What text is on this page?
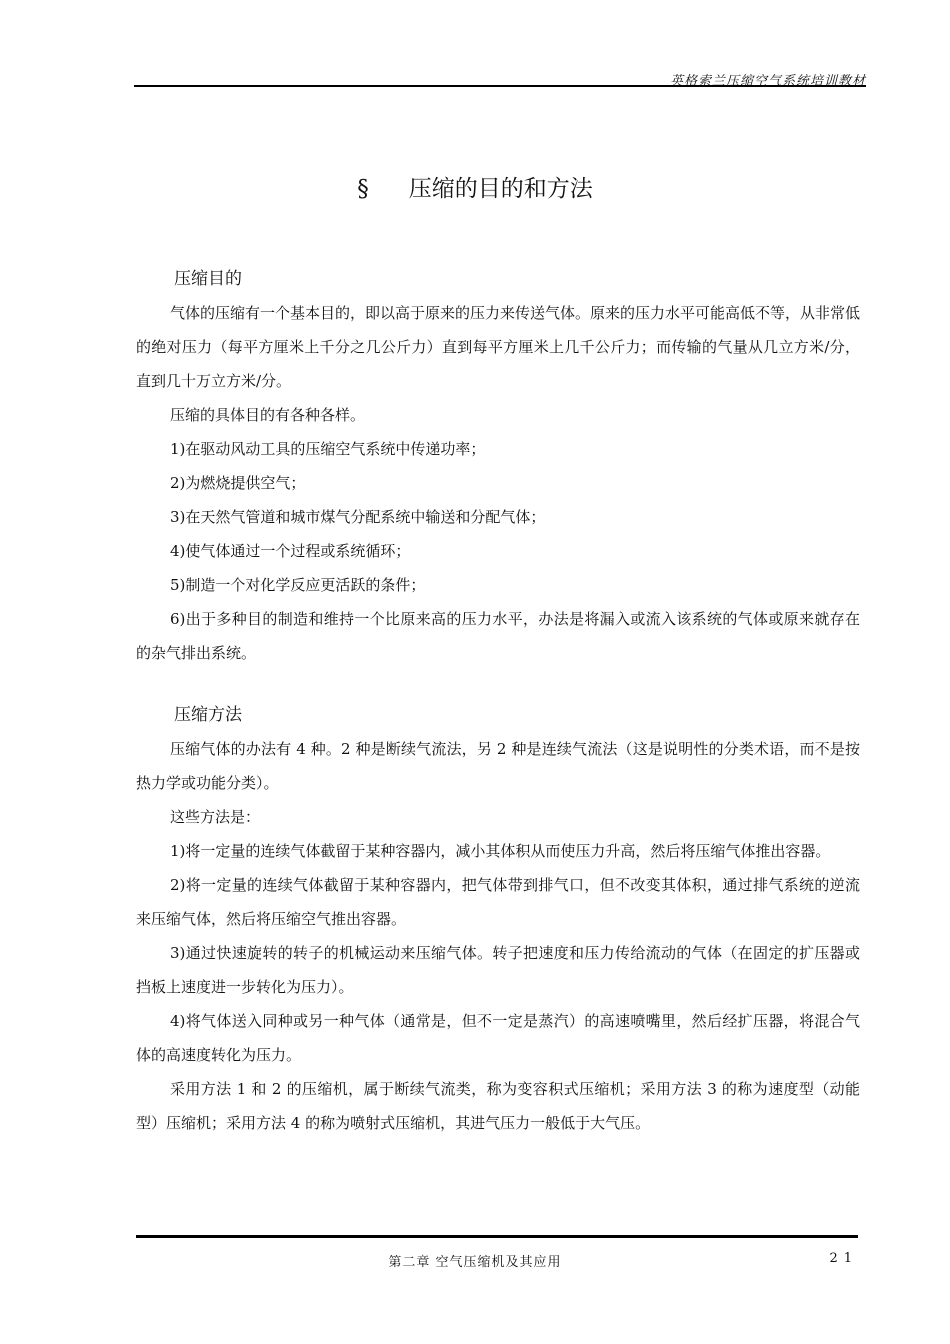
英格索兰压缩空气系统培训教材
§ 压缩的目的和方法

压缩目的

气体的压缩有一个基本目的，即以高于原来的压力来传送气体。原来的压力水平可能高低不等，从非常低的绝对压力（每平方厘米上千分之几公斤力）直到每平方厘米上几千公斤力；而传输的气量从几立方米/分，直到几十万立方米/分。

压缩的具体目的有各种各样。

1)在驱动风动工具的压缩空气系统中传递功率；

2)为燃烧提供空气；

3)在天然气管道和城市煤气分配系统中输送和分配气体；

4)使气体通过一个过程或系统循环；

5)制造一个对化学反应更活跃的条件；

6)出于多种目的制造和维持一个比原来高的压力水平，办法是将漏入或流入该系统的气体或原来就存在的杂气排出系统。

压缩方法

压缩气体的办法有 4 种。2 种是断续气流法，另 2 种是连续气流法（这是说明性的分类术语，而不是按热力学或功能分类）。

这些方法是：

1)将一定量的连续气体截留于某种容器内，减小其体积从而使压力升高，然后将压缩气体推出容器。

2)将一定量的连续气体截留于某种容器内，把气体带到排气口，但不改变其体积，通过排气系统的逆流来压缩气体，然后将压缩空气推出容器。

3)通过快速旋转的转子的机械运动来压缩气体。转子把速度和压力传给流动的气体（在固定的扩压器或挡板上速度进一步转化为压力）。

4)将气体送入同种或另一种气体（通常是，但不一定是蒸汽）的高速喷嘴里，然后经扩压器，将混合气体的高速度转化为压力。

采用方法 1 和 2 的压缩机，属于断续气流类，称为变容积式压缩机；采用方法 3 的称为速度型（动能型）压缩机；采用方法 4 的称为喷射式压缩机，其进气压力一般低于大气压。

第二章 空气压缩机及其应用	21
